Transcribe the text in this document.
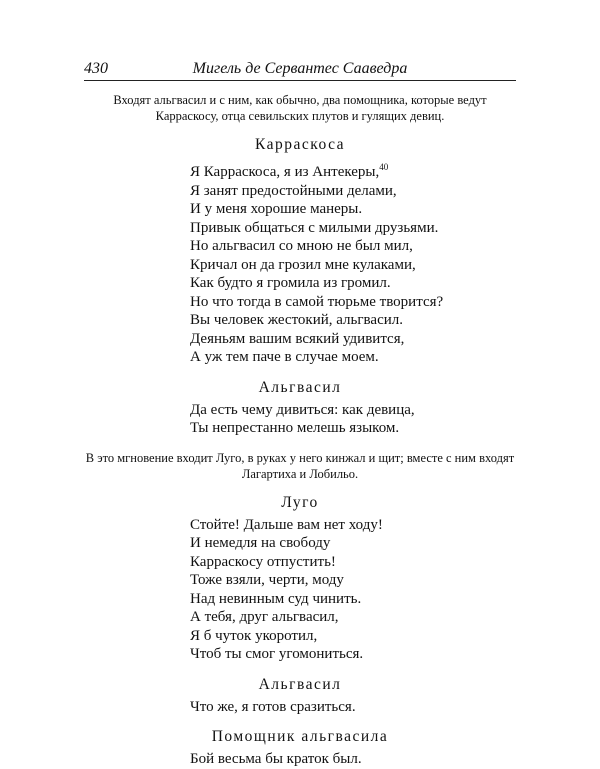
430	Мигель де Сервантес Сааведра

Входят альгвасил и с ним, как обычно, два помощника, которые ведут Карраскосу, отца севильских плутов и гулящих девиц.

Карраскоса

Я Карраскоса, я из Антекеры,$^{40}$
Я занят предостойными делами,
И у меня хорошие манеры.
Привык общаться с милыми друзьями.
Но альгвасил со мною не был мил,
Кричал он да грозил мне кулаками,
Как будто я громила из громил.
Но что тогда в самой тюрьме творится?
Вы человек жестокий, альгвасил.
Деяньям вашим всякий удивится,
А уж тем паче в случае моем.

Альгвасил

Да есть чему дивиться: как девица,
Ты непрестанно мелешь языком.

В это мгновение входит Луго, в руках у него кинжал и щит; вместе с ним входят Лагартиха и Лобильо.

Луго

Стойте! Дальше вам нет ходу!
И немедля на свободу
Карраскосу отпустить!
Тоже взяли, черти, моду
Над невинным суд чинить.
А тебя, друг альгвасил,
Я б чуток укоротил,
Чтоб ты смог угомониться.

Альгвасил

Что же, я готов сразиться.

Помощник альгвасила

Бой весьма бы краток был.
